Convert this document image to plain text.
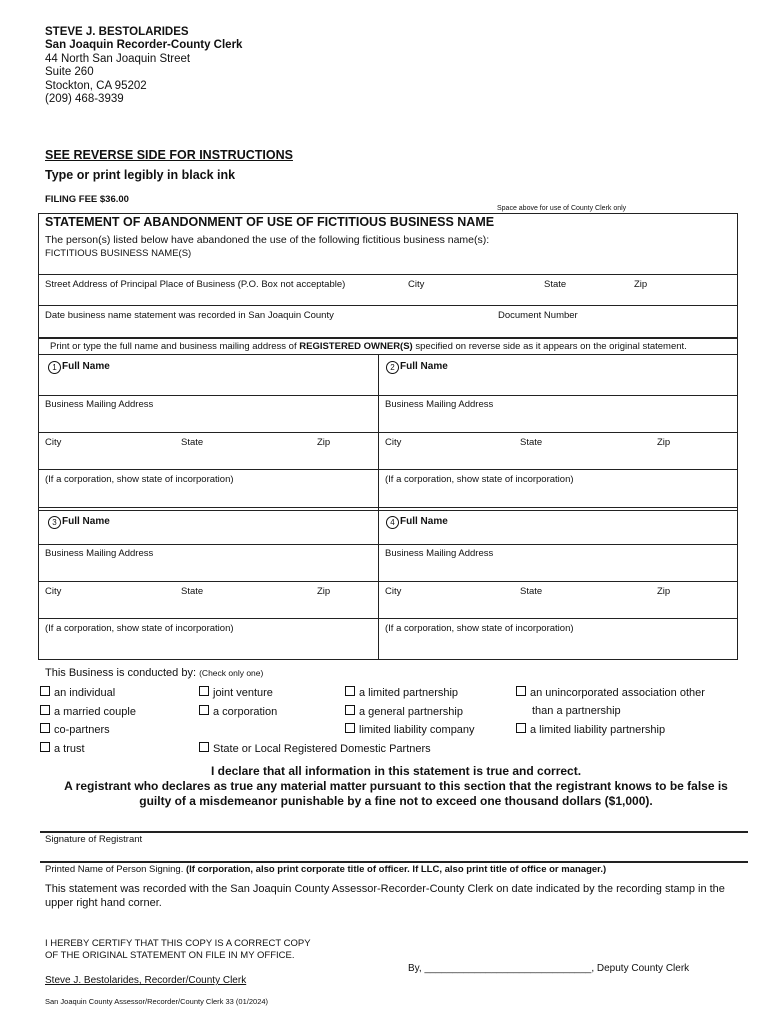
STEVE J. BESTOLARIDES
San Joaquin Recorder-County Clerk
44 North San Joaquin Street
Suite 260
Stockton, CA 95202
(209) 468-3939
SEE REVERSE SIDE FOR INSTRUCTIONS
Type or print legibly in black ink
FILING FEE $36.00
Space above for use of County Clerk only
STATEMENT OF ABANDONMENT OF USE OF FICTITIOUS BUSINESS NAME
The person(s) listed below have abandoned the use of the following fictitious business name(s):
FICTITIOUS BUSINESS NAME(S)
Street Address of Principal Place of Business (P.O. Box not acceptable)	City	State	Zip
Date business name statement was recorded in San Joaquin County	Document Number
Print or type the full name and business mailing address of REGISTERED OWNER(S) specified on reverse side as it appears on the original statement.
1 Full Name
Business Mailing Address
City	State	Zip
(If a corporation, show state of incorporation)
2 Full Name
Business Mailing Address
City	State	Zip
(If a corporation, show state of incorporation)
3 Full Name
Business Mailing Address
City	State	Zip
(If a corporation, show state of incorporation)
4 Full Name
Business Mailing Address
City	State	Zip
(If a corporation, show state of incorporation)
This Business is conducted by: (Check only one)
an individual
a married couple
co-partners
a trust
joint venture
a corporation
State or Local Registered Domestic Partners
a limited partnership
a general partnership
limited liability company
an unincorporated association other
than a partnership
a limited liability partnership
I declare that all information in this statement is true and correct.
A registrant who declares as true any material matter pursuant to this section that the registrant knows to be false is
guilty of a misdemeanor punishable by a fine not to exceed one thousand dollars ($1,000).
Signature of Registrant
Printed Name of Person Signing. (If corporation, also print corporate title of officer. If LLC, also print title of office or manager.)
This statement was recorded with the San Joaquin County Assessor-Recorder-County Clerk on date indicated by the recording stamp in the upper right hand corner.
I HEREBY CERTIFY THAT THIS COPY IS A CORRECT COPY
OF THE ORIGINAL STATEMENT ON FILE IN MY OFFICE.
By, ______________________________, Deputy County Clerk
Steve J. Bestolarides, Recorder/County Clerk
San Joaquin County Assessor/Recorder/County Clerk 33 (01/2024)
